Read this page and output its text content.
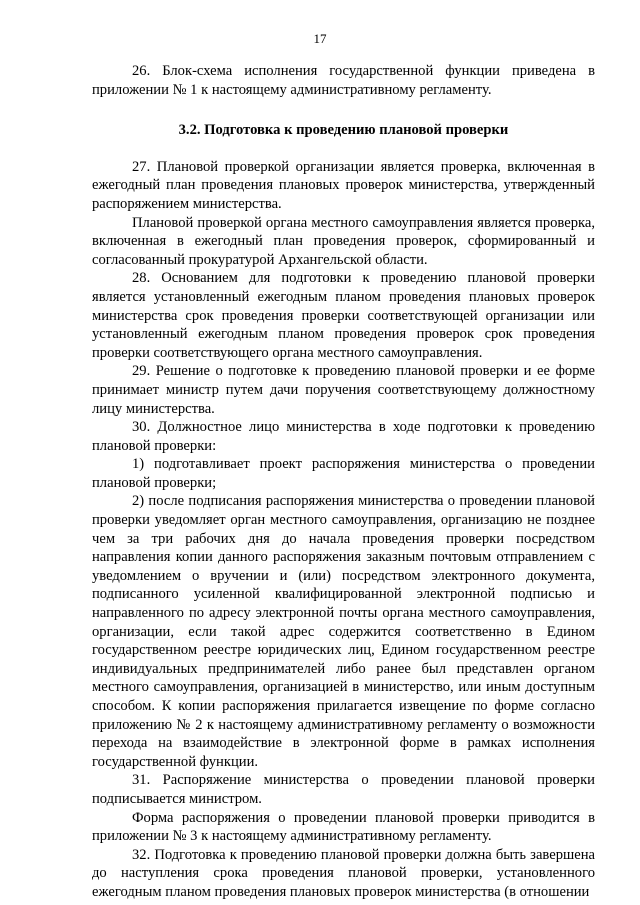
17

26. Блок-схема исполнения государственной функции приведена в приложении № 1 к настоящему административному регламенту.

3.2. Подготовка к проведению плановой проверки

27. Плановой проверкой организации является проверка, включенная в ежегодный план проведения плановых проверок министерства, утвержденный распоряжением министерства.

Плановой проверкой органа местного самоуправления является проверка, включенная в ежегодный план проведения проверок, сформированный и согласованный прокуратурой Архангельской области.

28. Основанием для подготовки к проведению плановой проверки является установленный ежегодным планом проведения плановых проверок министерства срок проведения проверки соответствующей организации или установленный ежегодным планом проведения проверок срок проведения проверки соответствующего органа местного самоуправления.

29. Решение о подготовке к проведению плановой проверки и ее форме принимает министр путем дачи поручения соответствующему должностному лицу министерства.

30. Должностное лицо министерства в ходе подготовки к проведению плановой проверки:

1) подготавливает проект распоряжения министерства о проведении плановой проверки;

2) после подписания распоряжения министерства о проведении плановой проверки уведомляет орган местного самоуправления, организацию не позднее чем за три рабочих дня до начала проведения проверки посредством направления копии данного распоряжения заказным почтовым отправлением с уведомлением о вручении и (или) посредством электронного документа, подписанного усиленной квалифицированной электронной подписью и направленного по адресу электронной почты органа местного самоуправления, организации, если такой адрес содержится соответственно в Едином государственном реестре юридических лиц, Едином государственном реестре индивидуальных предпринимателей либо ранее был представлен органом местного самоуправления, организацией в министерство, или иным доступным способом. К копии распоряжения прилагается извещение по форме согласно приложению № 2 к настоящему административному регламенту о возможности перехода на взаимодействие в электронной форме в рамках исполнения государственной функции.

31. Распоряжение министерства о проведении плановой проверки подписывается министром.

Форма распоряжения о проведении плановой проверки приводится в приложении № 3 к настоящему административному регламенту.

32. Подготовка к проведению плановой проверки должна быть завершена до наступления срока проведения плановой проверки, установленного ежегодным планом проведения плановых проверок министерства (в отношении
